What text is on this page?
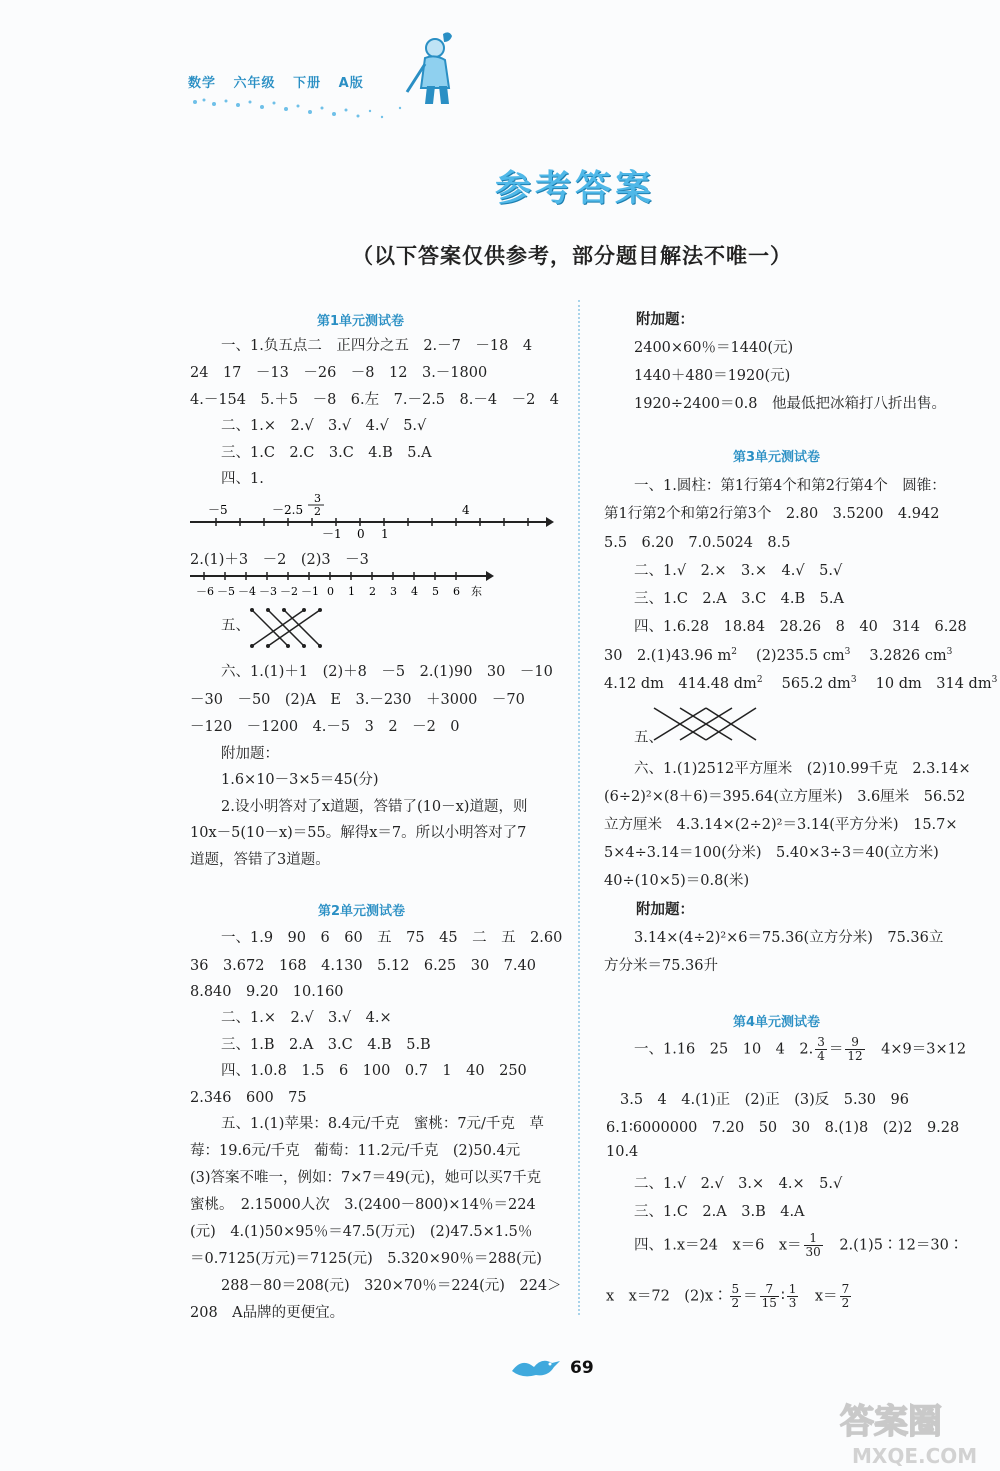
数学 六年级 下册 A版
参考答案
（以下答案仅供参考，部分题目解法不唯一）
第1单元测试卷
一、1.负五点二　正四分之五　2.－7　－18　4
24　17　－13　－26　－8　12　3.－1800
4.－154　5.＋5　－8　6.左　7.－2.5　8.－4　－2　4
二、1.×　2.√　3.√　4.√　5.√
三、1.C　2.C　3.C　4.B　5.A
四、1.
－5	－2.5
3
2	4
－1 0 1
2.(1)＋3　－2　(2)3　－3
－6 －5 －4 －3 －2 －1 0 1 2 3 4 5 6 东
五、
六、1.(1)＋1　(2)＋8　－5　2.(1)90　30　－10
－30　－50　(2)A　E　3.－230　＋3000　－70
－120　－1200　4.－5　3　2　－2　0
附加题：
1.6×10－3×5＝45(分)
2.设小明答对了x道题，答错了(10－x)道题，则
10x－5(10－x)＝55。解得x＝7。所以小明答对了7
道题，答错了3道题。
第2单元测试卷
一、1.9　90　6　60　五　75　45　二　五　2.60
36　3.672　168　4.130　5.12　6.25　30　7.40
8.840　9.20　10.160
二、1.×　2.√　3.√　4.×
三、1.B　2.A　3.C　4.B　5.B
四、1.0.8　1.5　6　100　0.7　1　40　250
2.346　600　75
五、1.(1)苹果：8.4元/千克　蜜桃：7元/千克　草
莓：19.6元/千克　葡萄：11.2元/千克　(2)50.4元
(3)答案不唯一，例如：7×7＝49(元)，她可以买7千克
蜜桃。　2.15000人次　3.(2400－800)×14％＝224
(元)　4.(1)50×95％＝47.5(万元)　(2)47.5×1.5％
＝0.7125(万元)＝7125(元)　5.320×90％＝288(元)
288－80＝208(元)　320×70％＝224(元)　224＞
208　A品牌的更便宜。
附加题：
2400×60％＝1440(元)
1440＋480＝1920(元)
1920÷2400＝0.8　他最低把冰箱打八折出售。
第3单元测试卷
一、1.圆柱：第1行第4个和第2行第4个　圆锥：
第1行第2个和第2行第3个　2.80　3.5200　4.942
5.5　6.20　7.0.5024　8.5
二、1.√　2.×　3.×　4.√　5.√
三、1.C　2.A　3.C　4.B　5.A
四、1.6.28　18.84　28.26　8　40　314　6.28
30　2.(1)43.96 $m^2$ 　 (2)235.5 $cm^3$ 　 3.2826 $cm^3$
4.12 dm　414.48 $dm^2$ 　 565.2 $dm^3$ 　 10 dm　314 $dm^3$
五、
六、1.(1)2512平方厘米　(2)10.99千克　2.3.14×
(6÷2)²×(8＋6)＝395.64(立方厘米)　3.6厘米　56.52
立方厘米　4.3.14×(2÷2)²＝3.14(平方分米)　15.7×
5×4÷3.14＝100(分米)　5.40×3÷3＝40(立方米)
40÷(10×5)＝0.8(米)
附加题：
3.14×(4÷2)²×6＝75.36(立方分米)　75.36立
方分米＝75.36升
第4单元测试卷
一、1.16　25　10　4　2. $\frac{3}{4} = \frac{9}{12}$
　 4×9＝3×12
3.5　4　4.(1)正　(2)正　(3)反　5.30　96
6.1∶6000000　7.20　50　30　8.(1)8　(2)2　9.28
10.4
二、1.√　2.√　3.×　4.×　5.√
三、1.C　2.A　3.B　4.A
四、1.x＝24　x＝6　$x= \frac{1}{30}$
　 2.(1)5∶12＝30∶
x　x＝72　(2)x∶ $\frac{5}{2} = \frac{7}{15}$ ∶ $\frac{1}{3}$
　 $x= \frac{7}{2}$
69
答案圈
MXQE.COM
